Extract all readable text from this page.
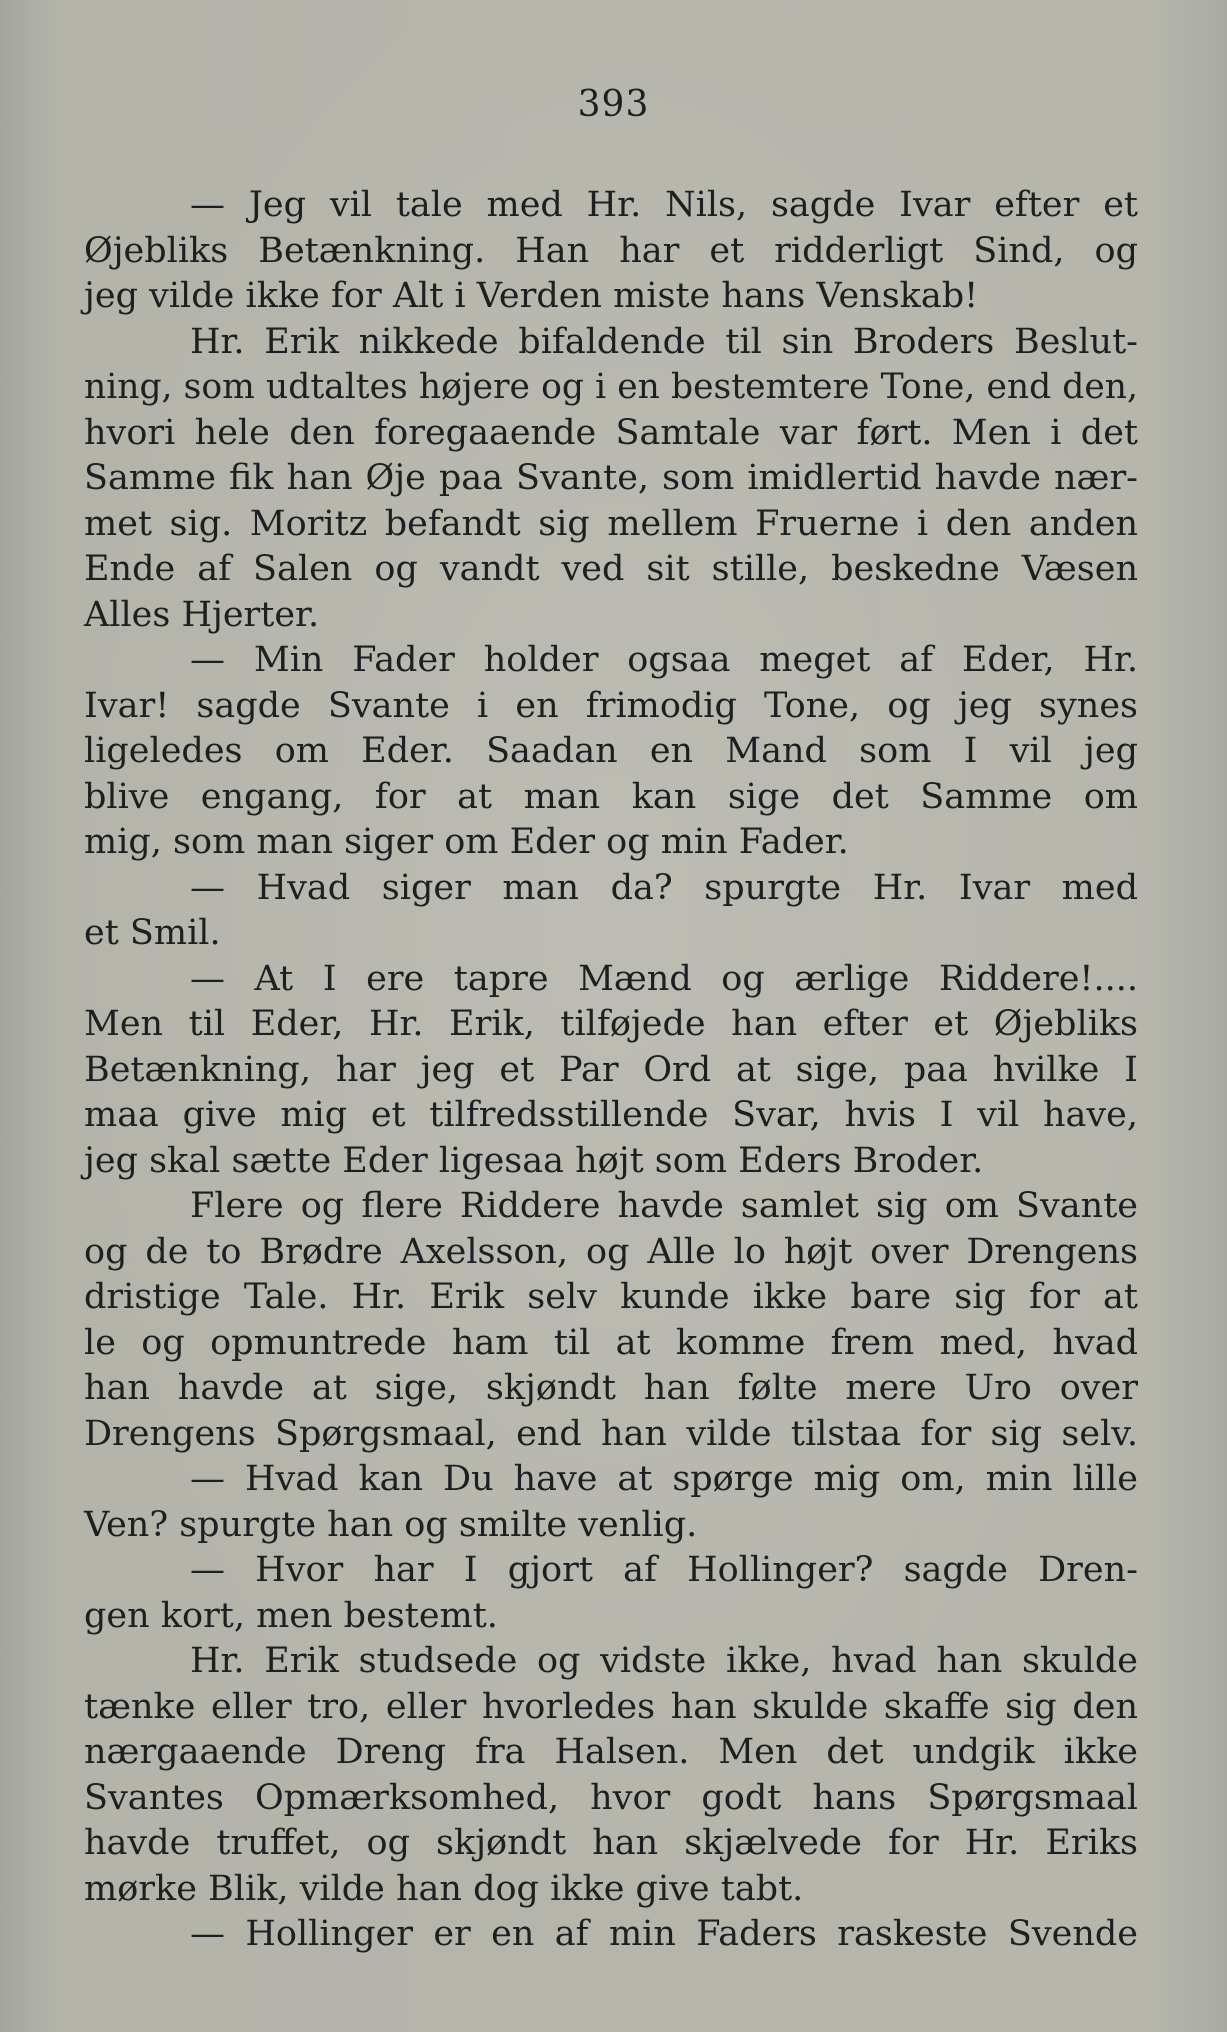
393
— Jeg vil tale med Hr. Nils, sagde Ivar efter et
Øjebliks Betænkning. Han har et ridderligt Sind, og
jeg vilde ikke for Alt i Verden miste hans Venskab!
Hr. Erik nikkede bifaldende til sin Broders Beslut-
ning, som udtaltes højere og i en bestemtere Tone, end den,
hvori hele den foregaaende Samtale var ført. Men i det
Samme fik han Øje paa Svante, som imidlertid havde nær-
met sig. Moritz befandt sig mellem Fruerne i den anden
Ende af Salen og vandt ved sit stille, beskedne Væsen
Alles Hjerter.
— Min Fader holder ogsaa meget af Eder, Hr.
Ivar! sagde Svante i en frimodig Tone, og jeg synes
ligeledes om Eder. Saadan en Mand som I vil jeg
blive engang, for at man kan sige det Samme om
mig, som man siger om Eder og min Fader.
— Hvad siger man da? spurgte Hr. Ivar med
et Smil.
— At I ere tapre Mænd og ærlige Riddere!....
Men til Eder, Hr. Erik, tilføjede han efter et Øjebliks
Betænkning, har jeg et Par Ord at sige, paa hvilke I
maa give mig et tilfredsstillende Svar, hvis I vil have,
jeg skal sætte Eder ligesaa højt som Eders Broder.
Flere og flere Riddere havde samlet sig om Svante
og de to Brødre Axelsson, og Alle lo højt over Drengens
dristige Tale. Hr. Erik selv kunde ikke bare sig for at
le og opmuntrede ham til at komme frem med, hvad
han havde at sige, skjøndt han følte mere Uro over
Drengens Spørgsmaal, end han vilde tilstaa for sig selv.
— Hvad kan Du have at spørge mig om, min lille
Ven? spurgte han og smilte venlig.
— Hvor har I gjort af Hollinger? sagde Dren-
gen kort, men bestemt.
Hr. Erik studsede og vidste ikke, hvad han skulde
tænke eller tro, eller hvorledes han skulde skaffe sig den
nærgaaende Dreng fra Halsen. Men det undgik ikke
Svantes Opmærksomhed, hvor godt hans Spørgsmaal
havde truffet, og skjøndt han skjælvede for Hr. Eriks
mørke Blik, vilde han dog ikke give tabt.
— Hollinger er en af min Faders raskeste Svende
